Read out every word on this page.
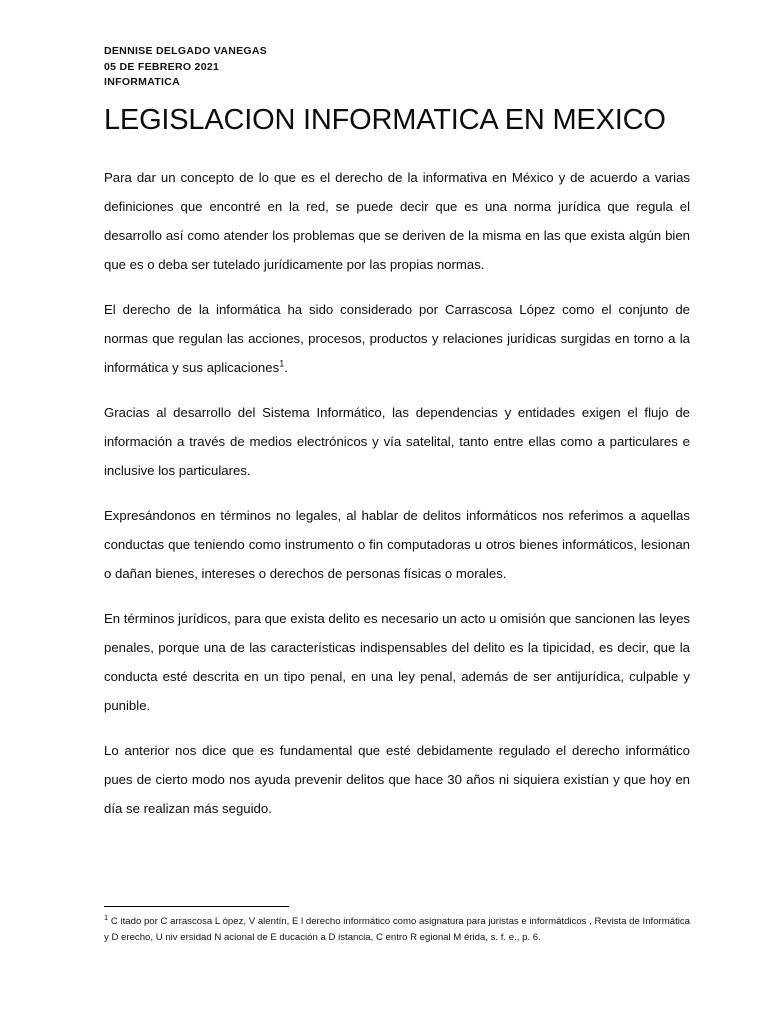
DENNISE DELGADO VANEGAS

05 DE FEBRERO 2021

INFORMATICA

LEGISLACION INFORMATICA EN MEXICO

Para dar un concepto de lo que es el derecho de la informativa en México y de acuerdo a varias definiciones que encontré en la red, se puede decir que es una norma jurídica que regula el desarrollo así como atender los problemas que se deriven de la misma en las que exista algún bien que es o deba ser tutelado jurídicamente por las propias normas.

El derecho de la informática ha sido considerado por Carrascosa López como el conjunto de normas que regulan las acciones, procesos, productos y relaciones jurídicas surgidas en torno a la informática y sus aplicaciones$^1$.

Gracias al desarrollo del Sistema Informático, las dependencias y entidades exigen el flujo de información a través de medios electrónicos y vía satelital, tanto entre ellas como a particulares e inclusive los particulares.

Expresándonos en términos no legales, al hablar de delitos informáticos nos referimos a aquellas conductas que teniendo como instrumento o fin computadoras u otros bienes informáticos, lesionan o dañan bienes, intereses o derechos de personas físicas o morales.

En términos jurídicos, para que exista delito es necesario un acto u omisión que sancionen las leyes penales, porque una de las características indispensables del delito es la tipicidad, es decir, que la conducta esté descrita en un tipo penal, en una ley penal, además de ser antijurídica, culpable y punible.

Lo anterior nos dice que es fundamental que esté debidamente regulado el derecho informático pues de cierto modo nos ayuda prevenir delitos que hace 30 años ni siquiera existían y que hoy en día se realizan más seguido.

$^1$ C itado por C arrascosa L ópez, V alentín, E l derecho informático como asignatura para juristas e informátdicos , Revista de Informática y D erecho, U niv ersidad N acional de E ducación a D istancia, C entro R egional M érida, s. f. e., p. 6.
